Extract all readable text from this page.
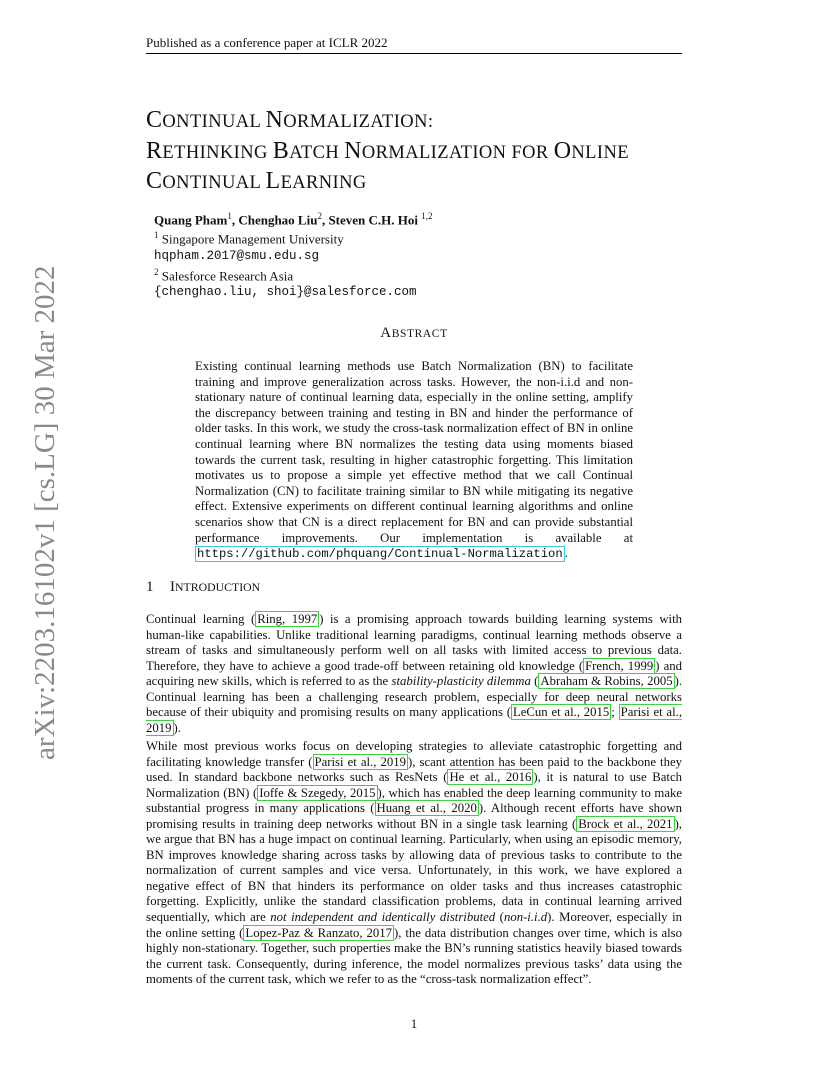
arXiv:2203.16102v1 [cs.LG] 30 Mar 2022
Published as a conference paper at ICLR 2022
CONTINUAL NORMALIZATION:
RETHINKING BATCH NORMALIZATION FOR ONLINE
CONTINUAL LEARNING
Quang Pham$^1$, Chenghao Liu$^2$, Steven C.H. Hoi $^{1,2}$
$^1$ Singapore Management University
hqpham.2017@smu.edu.sg
$^2$ Salesforce Research Asia
{chenghao.liu, shoi}@salesforce.com
ABSTRACT
Existing continual learning methods use Batch Normalization (BN) to facilitate training and improve generalization across tasks. However, the non-i.i.d and non-stationary nature of continual learning data, especially in the online setting, amplify the discrepancy between training and testing in BN and hinder the performance of older tasks. In this work, we study the cross-task normalization effect of BN in online continual learning where BN normalizes the testing data using moments biased towards the current task, resulting in higher catastrophic forgetting. This limitation motivates us to propose a simple yet effective method that we call Continual Normalization (CN) to facilitate training similar to BN while mitigating its negative effect. Extensive experiments on different continual learning algorithms and online scenarios show that CN is a direct replacement for BN and can provide substantial performance improvements. Our implementation is available at https://github.com/phquang/Continual-Normalization .
1 INTRODUCTION
Continual learning ( Ring, 1997 ) is a promising approach towards building learning systems with human-like capabilities. Unlike traditional learning paradigms, continual learning methods observe a stream of tasks and simultaneously perform well on all tasks with limited access to previous data. Therefore, they have to achieve a good trade-off between retaining old knowledge ( French, 1999 ) and acquiring new skills, which is referred to as the stability-plasticity dilemma ( Abraham & Robins, 2005 ). Continual learning has been a challenging research problem, especially for deep neural networks because of their ubiquity and promising results on many applications ( LeCun et al., 2015 ; Parisi et al., 2019 ).
While most previous works focus on developing strategies to alleviate catastrophic forgetting and facilitating knowledge transfer ( Parisi et al., 2019 ), scant attention has been paid to the backbone they used. In standard backbone networks such as ResNets ( He et al., 2016 ), it is natural to use Batch Normalization (BN) ( Ioffe & Szegedy, 2015 ), which has enabled the deep learning community to make substantial progress in many applications ( Huang et al., 2020 ). Although recent efforts have shown promising results in training deep networks without BN in a single task learning ( Brock et al., 2021 ), we argue that BN has a huge impact on continual learning. Particularly, when using an episodic memory, BN improves knowledge sharing across tasks by allowing data of previous tasks to contribute to the normalization of current samples and vice versa. Unfortunately, in this work, we have explored a negative effect of BN that hinders its performance on older tasks and thus increases catastrophic forgetting. Explicitly, unlike the standard classification problems, data in continual learning arrived sequentially, which are not independent and identically distributed (non-i.i.d). Moreover, especially in the online setting ( Lopez-Paz & Ranzato, 2017 ), the data distribution changes over time, which is also highly non-stationary. Together, such properties make the BN’s running statistics heavily biased towards the current task. Consequently, during inference, the model normalizes previous tasks’ data using the moments of the current task, which we refer to as the “cross-task normalization effect”.
1
